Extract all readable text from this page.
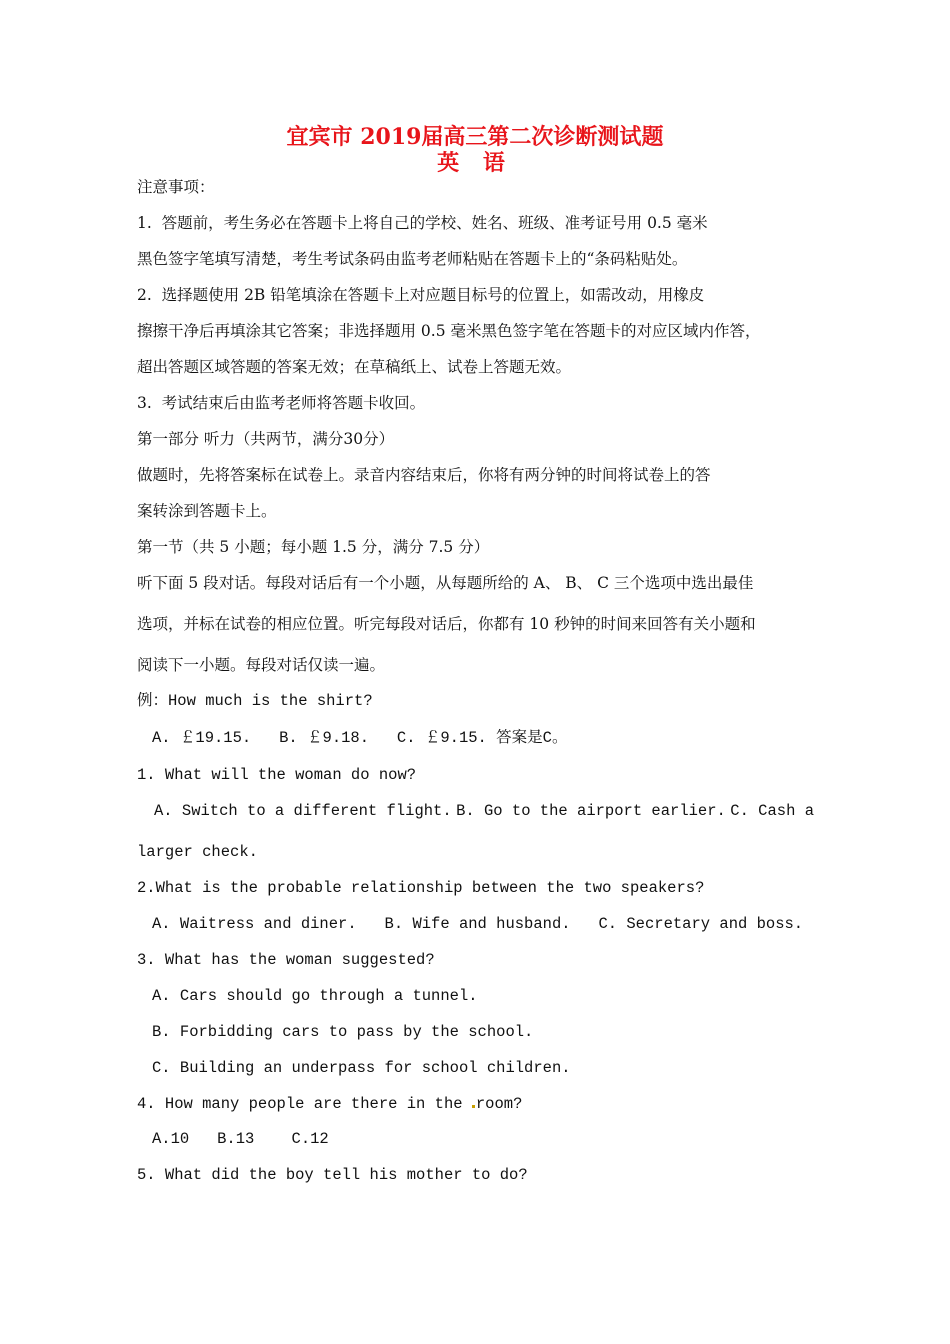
宜宾市 2019届高三第二次诊断测试题
英 语
注意事项：
1.  答题前，考生务必在答题卡上将自己的学校、姓名、班级、准考证号用 0.5 毫米
黑色签字笔填写清楚，考生考试条码由监考老师粘贴在答题卡上的“条码粘贴处。
2.  选择题使用 2B 铅笔填涂在答题卡上对应题目标号的位置上，如需改动，用橡皮
擦擦干净后再填涂其它答案；非选择题用 0.5 毫米黑色签字笔在答题卡的对应区域内作答，
超出答题区域答题的答案无效；在草稿纸上、试卷上答题无效。
3.  考试结束后由监考老师将答题卡收回。
第一部分 听力（共两节，满分30分）
做题时，先将答案标在试卷上。录音内容结束后，你将有两分钟的时间将试卷上的答
案转涂到答题卡上。
第一节（共 5 小题；每小题 1.5 分，满分 7.5 分）
听下面 5 段对话。每段对话后有一个小题，从每题所给的 A、 B、 C 三个选项中选出最佳
选项，并标在试卷的相应位置。听完每段对话后，你都有 10 秒钟的时间来回答有关小题和
阅读下一小题。每段对话仅读一遍。
例：How much is the shirt?
A. ￡19.15.   B. ￡9.18.   C. ￡9.15. 答案是C。
1. What will the woman do now?
A. Switch to a different flight. B. Go to the airport earlier. C. Cash a
larger check.
2.What is the probable relationship between the two speakers?
A. Waitress and diner.   B. Wife and husband.   C. Secretary and boss.
3. What has the woman suggested?
A. Cars should go through a tunnel.
B. Forbidding cars to pass by the school.
C. Building an underpass for school children.
4. How many people are there in the room?
A.10   B.13    C.12
5. What did the boy tell his mother to do?
